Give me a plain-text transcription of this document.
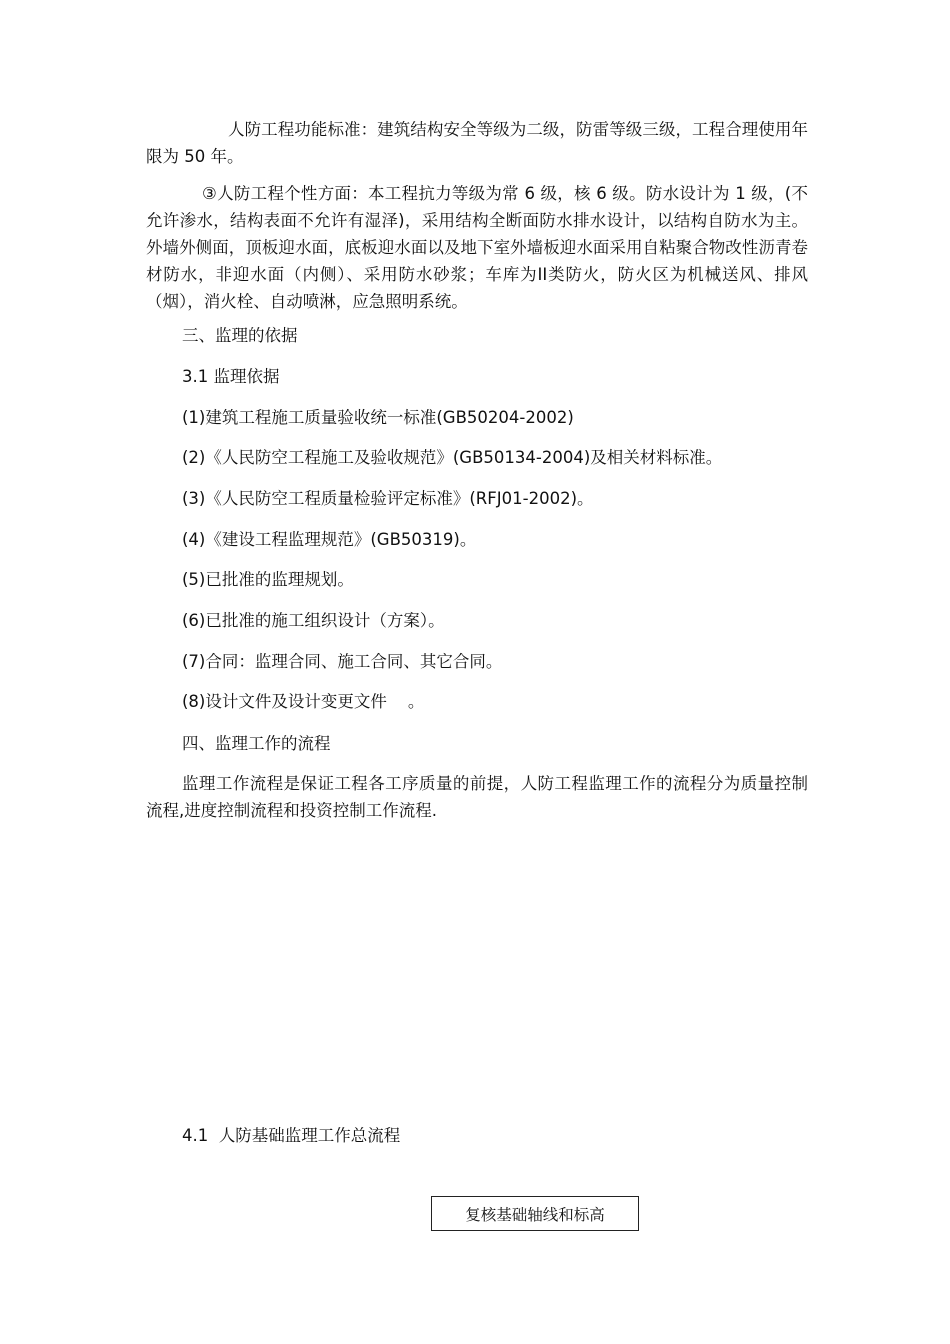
人防工程功能标准：建筑结构安全等级为二级，防雷等级三级，工程合理使用年限为 50 年。

③人防工程个性方面：本工程抗力等级为常 6 级，核 6 级。防水设计为 1 级，(不允许渗水，结构表面不允许有湿泽)，采用结构全断面防水排水设计，以结构自防水为主。外墙外侧面，顶板迎水面，底板迎水面以及地下室外墙板迎水面采用自粘聚合物改性沥青卷材防水，非迎水面（内侧）、采用防水砂浆；车库为II类防火，防火区为机械送风、排风（烟），消火栓、自动喷淋，应急照明系统。

三、监理的依据

3.1 监理依据

(1)建筑工程施工质量验收统一标准(GB50204-2002)

(2)《人民防空工程施工及验收规范》(GB50134-2004)及相关材料标准。

(3)《人民防空工程质量检验评定标准》(RFJ01-2002)。

(4)《建设工程监理规范》(GB50319)。

(5)已批准的监理规划。

(6)已批准的施工组织设计（方案）。

(7)合同：监理合同、施工合同、其它合同。

(8)设计文件及设计变更文件    。

四、监理工作的流程

监理工作流程是保证工程各工序质量的前提，人防工程监理工作的流程分为质量控制流程,进度控制流程和投资控制工作流程.

4.1  人防基础监理工作总流程

复核基础轴线和标高
